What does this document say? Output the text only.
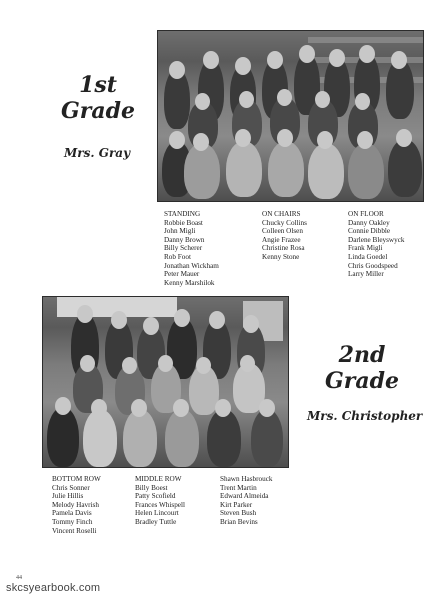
1st
Grade
Mrs. Gray
STANDING
Robbie Boast
John Migli
Danny Brown
Billy Scherer
Rob Foot
Jonathan Wickham
Peter Mauer
Kenny Marshilok
ON CHAIRS
Chucky Collins
Colleen Olsen
Angie Frazee
Christine Rosa
Kenny Stone
ON FLOOR
Danny Oakley
Connie Dibble
Darlene Bleyswyck
Frank Migli
Linda Goedel
Chris Goodspeed
Larry Miller
2nd
Grade
Mrs. Christopher
BOTTOM ROW
Chris Sonner
Julie Hillis
Melody Havrish
Pamela Davis
Tommy Finch
Vincent Roselli
MIDDLE ROW
Billy Boest
Patty Scofield
Frances Whispell
Helen Lincourt
Bradley Tuttle
Shawn Hasbrouck
Trent Martin
Edward Almeida
Kirt Parker
Steven Bush
Brian Bevins
44
skcsyearbook.com
